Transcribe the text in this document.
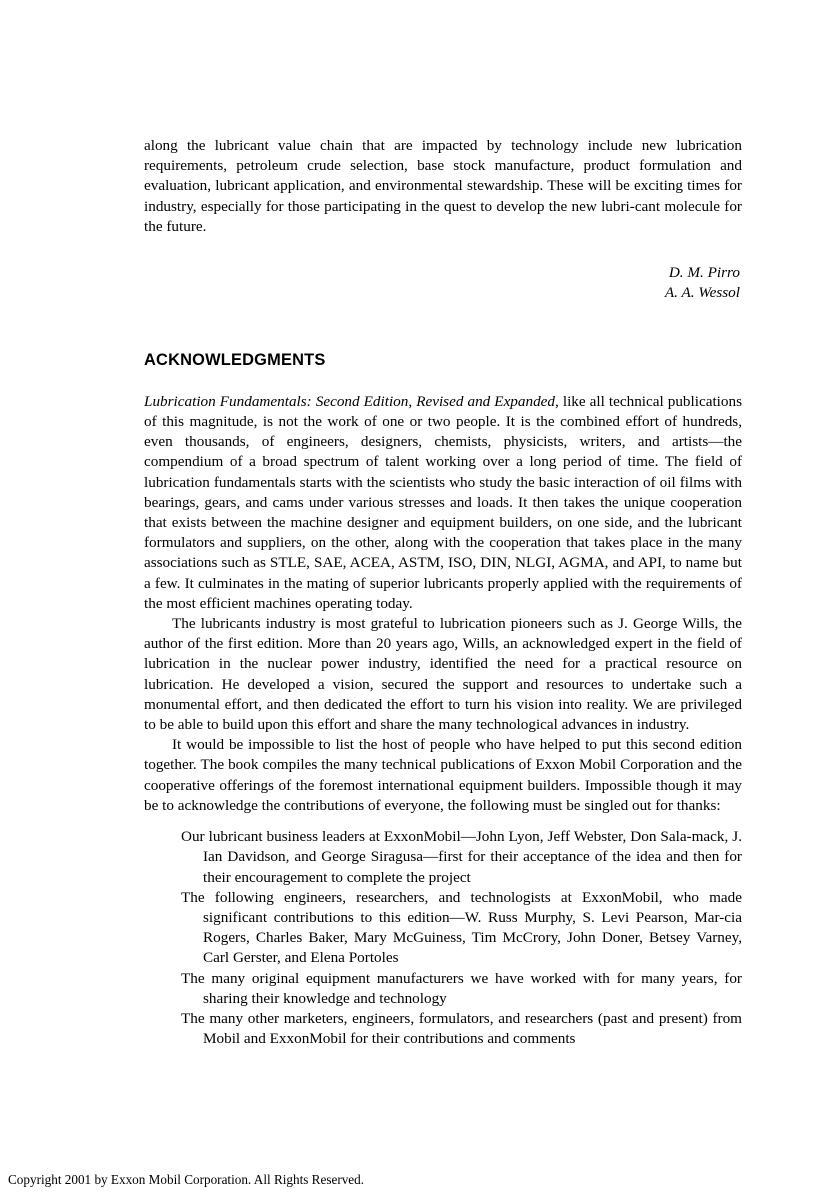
along the lubricant value chain that are impacted by technology include new lubrication requirements, petroleum crude selection, base stock manufacture, product formulation and evaluation, lubricant application, and environmental stewardship. These will be exciting times for industry, especially for those participating in the quest to develop the new lubri-cant molecule for the future.

D. M. Pirro
A. A. Wessol
ACKNOWLEDGMENTS

Lubrication Fundamentals: Second Edition, Revised and Expanded, like all technical publications of this magnitude, is not the work of one or two people. It is the combined effort of hundreds, even thousands, of engineers, designers, chemists, physicists, writers, and artists—the compendium of a broad spectrum of talent working over a long period of time. The field of lubrication fundamentals starts with the scientists who study the basic interaction of oil films with bearings, gears, and cams under various stresses and loads. It then takes the unique cooperation that exists between the machine designer and equipment builders, on one side, and the lubricant formulators and suppliers, on the other, along with the cooperation that takes place in the many associations such as STLE, SAE, ACEA, ASTM, ISO, DIN, NLGI, AGMA, and API, to name but a few. It culminates in the mating of superior lubricants properly applied with the requirements of the most efficient machines operating today.

The lubricants industry is most grateful to lubrication pioneers such as J. George Wills, the author of the first edition. More than 20 years ago, Wills, an acknowledged expert in the field of lubrication in the nuclear power industry, identified the need for a practical resource on lubrication. He developed a vision, secured the support and resources to undertake such a monumental effort, and then dedicated the effort to turn his vision into reality. We are privileged to be able to build upon this effort and share the many technological advances in industry.

It would be impossible to list the host of people who have helped to put this second edition together. The book compiles the many technical publications of Exxon Mobil Corporation and the cooperative offerings of the foremost international equipment builders. Impossible though it may be to acknowledge the contributions of everyone, the following must be singled out for thanks:

Our lubricant business leaders at ExxonMobil—John Lyon, Jeff Webster, Don Sala-mack, J. Ian Davidson, and George Siragusa—first for their acceptance of the idea and then for their encouragement to complete the project
The following engineers, researchers, and technologists at ExxonMobil, who made significant contributions to this edition—W. Russ Murphy, S. Levi Pearson, Mar-cia Rogers, Charles Baker, Mary McGuiness, Tim McCrory, John Doner, Betsey Varney, Carl Gerster, and Elena Portoles
The many original equipment manufacturers we have worked with for many years, for sharing their knowledge and technology
The many other marketers, engineers, formulators, and researchers (past and present) from Mobil and ExxonMobil for their contributions and comments
Copyright 2001 by Exxon Mobil Corporation. All Rights Reserved.
